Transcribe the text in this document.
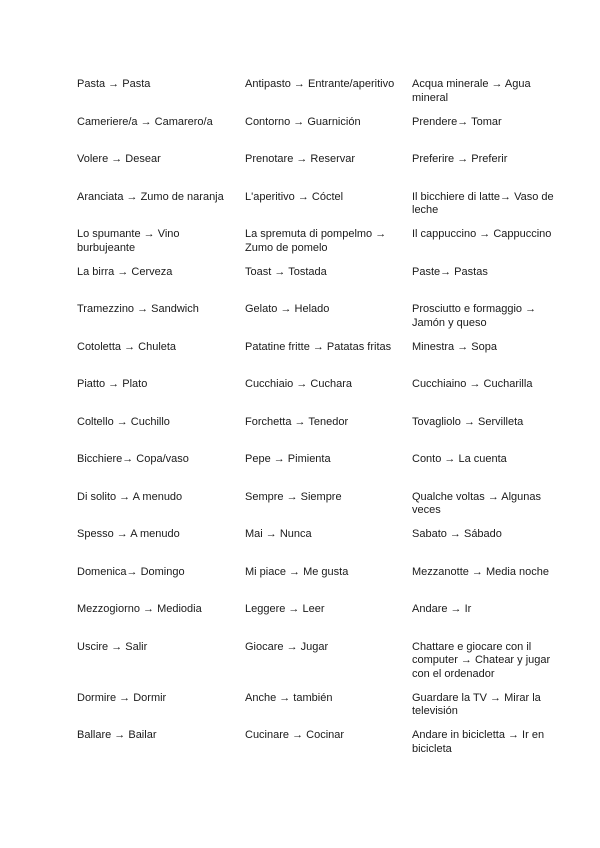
Pasta → Pasta	Antipasto → Entrante/aperitivo	Acqua minerale → Agua mineral
Cameriere/a → Camarero/a	Contorno → Guarnición	Prendere→ Tomar
Volere → Desear	Prenotare → Reservar	Preferire → Preferir
Aranciata → Zumo de naranja	L'aperitivo → Cóctel	Il bicchiere di latte→ Vaso de leche
Lo spumante → Vino burbujeante	La spremuta di pompelmo → Zumo de pomelo	Il cappuccino → Cappuccino
La birra → Cerveza	Toast → Tostada	Paste→ Pastas
Tramezzino → Sandwich	Gelato → Helado	Prosciutto e formaggio → Jamón y queso
Cotoletta → Chuleta	Patatine fritte → Patatas fritas	Minestra → Sopa
Piatto → Plato	Cucchiaio → Cuchara	Cucchiaino → Cucharilla
Coltello → Cuchillo	Forchetta → Tenedor	Tovagliolo → Servilleta
Bicchiere→ Copa/vaso	Pepe → Pimienta	Conto → La cuenta
Di solito → A menudo	Sempre → Siempre	Qualche voltas → Algunas veces
Spesso → A menudo	Mai → Nunca	Sabato → Sábado
Domenica→ Domingo	Mi piace → Me gusta	Mezzanotte → Media noche
Mezzogiorno → Mediodia	Leggere → Leer	Andare → Ir
Uscire → Salir	Giocare → Jugar	Chattare e giocare con il computer → Chatear y jugar con el ordenador
Dormire → Dormir	Anche → también	Guardare la TV → Mirar la televisión
Ballare → Bailar	Cucinare → Cocinar	Andare in bicicletta → Ir en bicicleta
